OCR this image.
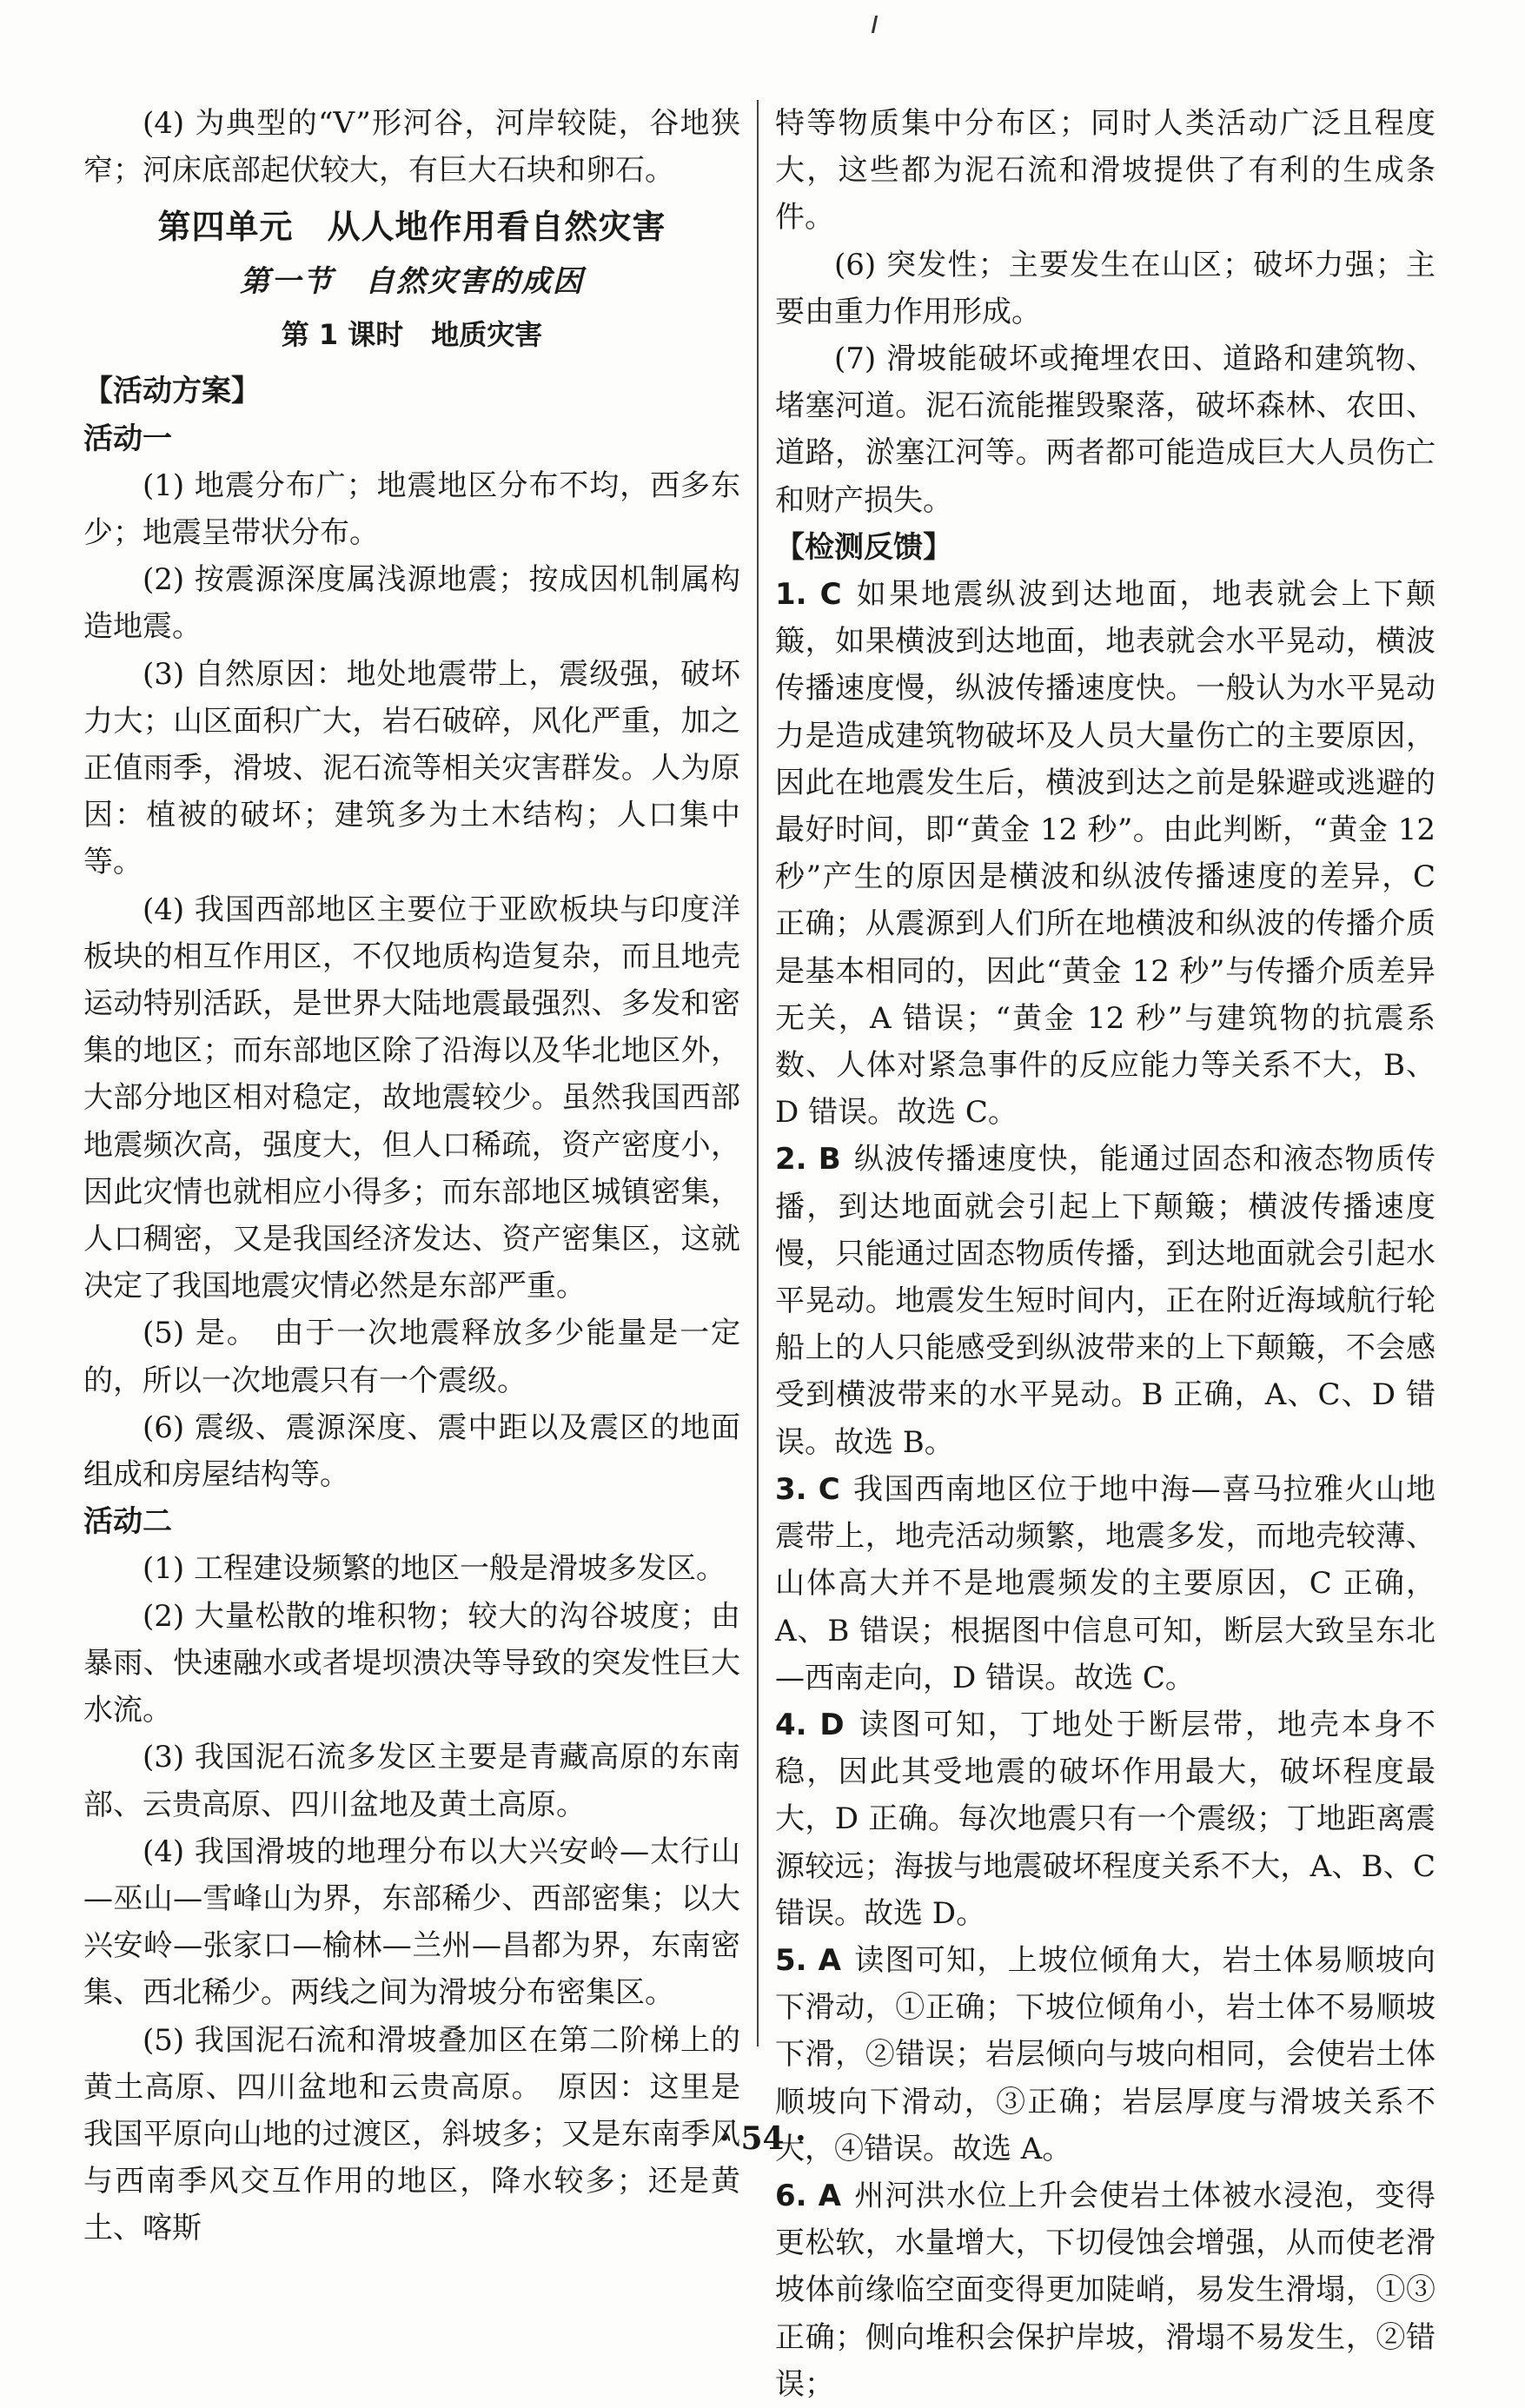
(4) 为典型的“V”形河谷，河岸较陡，谷地狭窄；河床底部起伏较大，有巨大石块和卵石。

第四单元　从人地作用看自然灾害
第一节　自然灾害的成因
第 1 课时　地质灾害

【活动方案】

活动一

(1) 地震分布广；地震地区分布不均，西多东少；地震呈带状分布。

(2) 按震源深度属浅源地震；按成因机制属构造地震。

(3) 自然原因：地处地震带上，震级强，破坏力大；山区面积广大，岩石破碎，风化严重，加之正值雨季，滑坡、泥石流等相关灾害群发。人为原因：植被的破坏；建筑多为土木结构；人口集中等。

(4) 我国西部地区主要位于亚欧板块与印度洋板块的相互作用区，不仅地质构造复杂，而且地壳运动特别活跃，是世界大陆地震最强烈、多发和密集的地区；而东部地区除了沿海以及华北地区外，大部分地区相对稳定，故地震较少。虽然我国西部地震频次高，强度大，但人口稀疏，资产密度小，因此灾情也就相应小得多；而东部地区城镇密集，人口稠密，又是我国经济发达、资产密集区，这就决定了我国地震灾情必然是东部严重。

(5) 是。　由于一次地震释放多少能量是一定的，所以一次地震只有一个震级。

(6) 震级、震源深度、震中距以及震区的地面组成和房屋结构等。

活动二

(1) 工程建设频繁的地区一般是滑坡多发区。

(2) 大量松散的堆积物；较大的沟谷坡度；由暴雨、快速融水或者堤坝溃决等导致的突发性巨大水流。

(3) 我国泥石流多发区主要是青藏高原的东南部、云贵高原、四川盆地及黄土高原。

(4) 我国滑坡的地理分布以大兴安岭—太行山—巫山—雪峰山为界，东部稀少、西部密集；以大兴安岭—张家口—榆林—兰州—昌都为界，东南密集、西北稀少。两线之间为滑坡分布密集区。

(5) 我国泥石流和滑坡叠加区在第二阶梯上的黄土高原、四川盆地和云贵高原。　原因：这里是我国平原向山地的过渡区，斜坡多；又是东南季风与西南季风交互作用的地区，降水较多；还是黄土、喀斯

特等物质集中分布区；同时人类活动广泛且程度大，这些都为泥石流和滑坡提供了有利的生成条件。

(6) 突发性；主要发生在山区；破坏力强；主要由重力作用形成。

(7) 滑坡能破坏或掩埋农田、道路和建筑物、堵塞河道。泥石流能摧毁聚落，破坏森林、农田、道路，淤塞江河等。两者都可能造成巨大人员伤亡和财产损失。

【检测反馈】

1. C 如果地震纵波到达地面，地表就会上下颠簸，如果横波到达地面，地表就会水平晃动，横波传播速度慢，纵波传播速度快。一般认为水平晃动力是造成建筑物破坏及人员大量伤亡的主要原因，因此在地震发生后，横波到达之前是躲避或逃避的最好时间，即“黄金 12 秒”。由此判断，“黄金 12 秒”产生的原因是横波和纵波传播速度的差异，C 正确；从震源到人们所在地横波和纵波的传播介质是基本相同的，因此“黄金 12 秒”与传播介质差异无关，A 错误；“黄金 12 秒”与建筑物的抗震系数、人体对紧急事件的反应能力等关系不大，B、D 错误。故选 C。

2. B 纵波传播速度快，能通过固态和液态物质传播，到达地面就会引起上下颠簸；横波传播速度慢，只能通过固态物质传播，到达地面就会引起水平晃动。地震发生短时间内，正在附近海域航行轮船上的人只能感受到纵波带来的上下颠簸，不会感受到横波带来的水平晃动。B 正确，A、C、D 错误。故选 B。

3. C 我国西南地区位于地中海—喜马拉雅火山地震带上，地壳活动频繁，地震多发，而地壳较薄、山体高大并不是地震频发的主要原因，C 正确，A、B 错误；根据图中信息可知，断层大致呈东北—西南走向，D 错误。故选 C。

4. D 读图可知，丁地处于断层带，地壳本身不稳，因此其受地震的破坏作用最大，破坏程度最大，D 正确。每次地震只有一个震级；丁地距离震源较远；海拔与地震破坏程度关系不大，A、B、C 错误。故选 D。

5. A 读图可知，上坡位倾角大，岩土体易顺坡向下滑动，①正确；下坡位倾角小，岩土体不易顺坡下滑，②错误；岩层倾向与坡向相同，会使岩土体顺坡向下滑动，③正确；岩层厚度与滑坡关系不大，④错误。故选 A。

6. A 州河洪水位上升会使岩土体被水浸泡，变得更松软，水量增大，下切侵蚀会增强，从而使老滑坡体前缘临空面变得更加陡峭，易发生滑塌，①③正确；侧向堆积会保护岸坡，滑塌不易发生，②错误；

· 54 ·
